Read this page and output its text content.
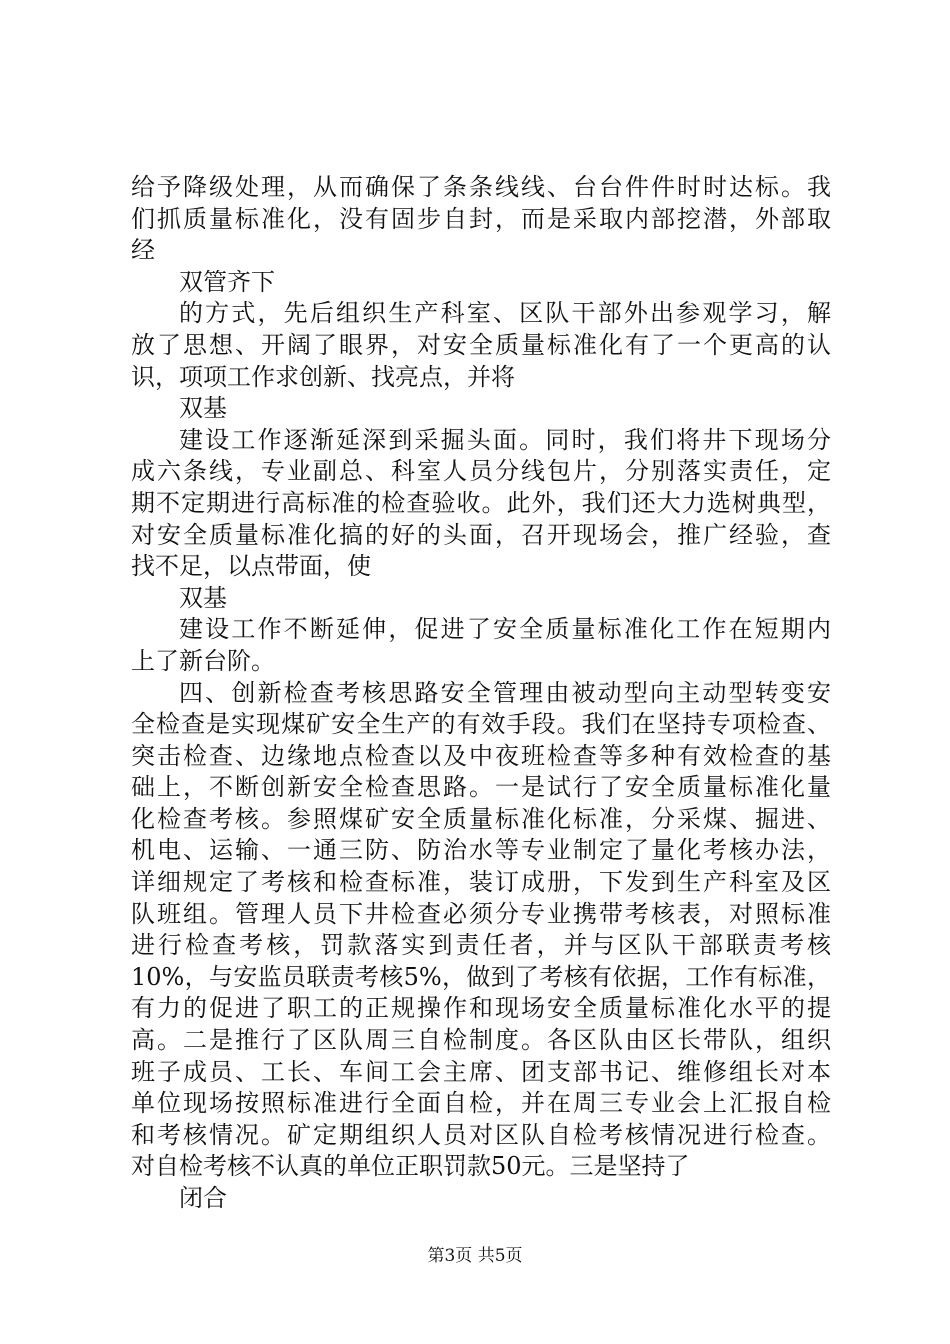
给予降级处理，从而确保了条条线线、台台件件时时达标。我
们抓质量标准化，没有固步自封，而是采取内部挖潜，外部取
经
双管齐下
的方式，先后组织生产科室、区队干部外出参观学习，解
放了思想、开阔了眼界，对安全质量标准化有了一个更高的认
识，项项工作求创新、找亮点，并将
双基
建设工作逐渐延深到采掘头面。同时，我们将井下现场分
成六条线，专业副总、科室人员分线包片，分别落实责任，定
期不定期进行高标准的检查验收。此外，我们还大力选树典型，
对安全质量标准化搞的好的头面，召开现场会，推广经验，查
找不足，以点带面，使
双基
建设工作不断延伸，促进了安全质量标准化工作在短期内
上了新台阶。
四、创新检查考核思路安全管理由被动型向主动型转变安
全检查是实现煤矿安全生产的有效手段。我们在坚持专项检查、
突击检查、边缘地点检查以及中夜班检查等多种有效检查的基
础上，不断创新安全检查思路。一是试行了安全质量标准化量
化检查考核。参照煤矿安全质量标准化标准，分采煤、掘进、
机电、运输、一通三防、防治水等专业制定了量化考核办法，
详细规定了考核和检查标准，装订成册，下发到生产科室及区
队班组。管理人员下井检查必须分专业携带考核表，对照标准
进行检查考核，罚款落实到责任者，并与区队干部联责考核
10%，与安监员联责考核5%，做到了考核有依据，工作有标准，
有力的促进了职工的正规操作和现场安全质量标准化水平的提
高。二是推行了区队周三自检制度。各区队由区长带队，组织
班子成员、工长、车间工会主席、团支部书记、维修组长对本
单位现场按照标准进行全面自检，并在周三专业会上汇报自检
和考核情况。矿定期组织人员对区队自检考核情况进行检查。
对自检考核不认真的单位正职罚款50元。三是坚持了
闭合
第3页 共5页
